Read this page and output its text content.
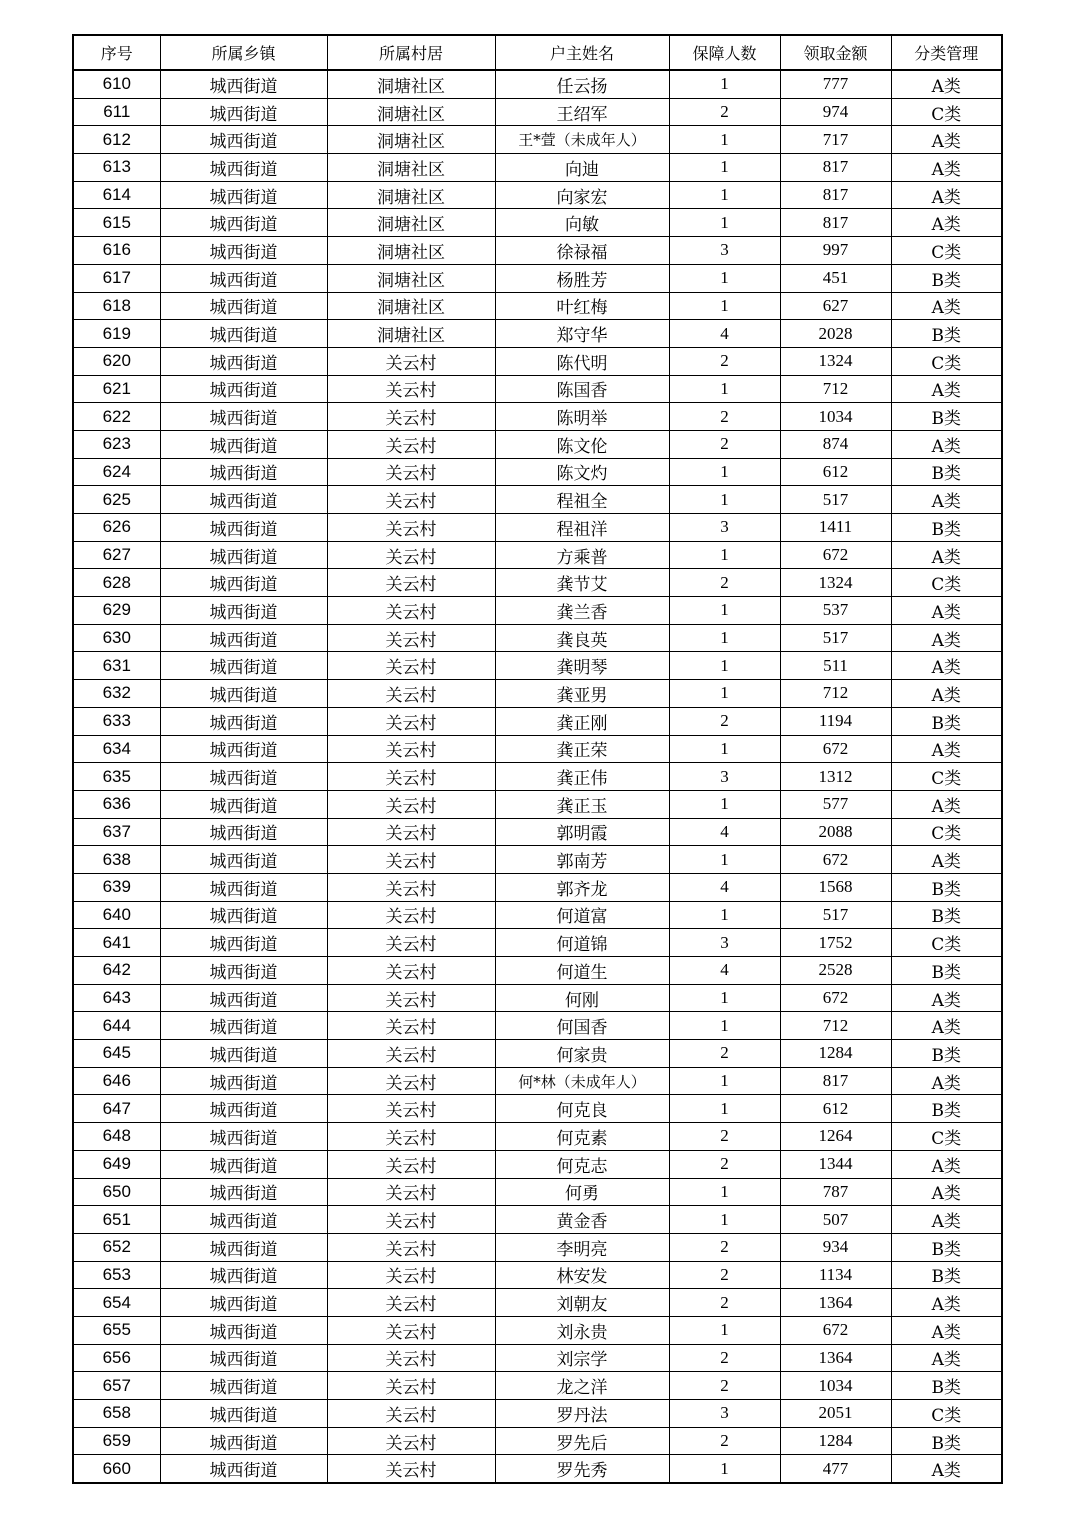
序号	所属乡镇	所属村居	户主姓名	保障人数	领取金额	分类管理
610	城西街道	洞塘社区	任云扬	1	777	A类
611	城西街道	洞塘社区	王绍军	2	974	C类
612	城西街道	洞塘社区	王*萱（未成年人）	1	717	A类
613	城西街道	洞塘社区	向迪	1	817	A类
614	城西街道	洞塘社区	向家宏	1	817	A类
615	城西街道	洞塘社区	向敏	1	817	A类
616	城西街道	洞塘社区	徐禄福	3	997	C类
617	城西街道	洞塘社区	杨胜芳	1	451	B类
618	城西街道	洞塘社区	叶红梅	1	627	A类
619	城西街道	洞塘社区	郑守华	4	2028	B类
620	城西街道	关云村	陈代明	2	1324	C类
621	城西街道	关云村	陈国香	1	712	A类
622	城西街道	关云村	陈明举	2	1034	B类
623	城西街道	关云村	陈文伦	2	874	A类
624	城西街道	关云村	陈文灼	1	612	B类
625	城西街道	关云村	程祖全	1	517	A类
626	城西街道	关云村	程祖洋	3	1411	B类
627	城西街道	关云村	方乘普	1	672	A类
628	城西街道	关云村	龚节艾	2	1324	C类
629	城西街道	关云村	龚兰香	1	537	A类
630	城西街道	关云村	龚良英	1	517	A类
631	城西街道	关云村	龚明琴	1	511	A类
632	城西街道	关云村	龚亚男	1	712	A类
633	城西街道	关云村	龚正刚	2	1194	B类
634	城西街道	关云村	龚正荣	1	672	A类
635	城西街道	关云村	龚正伟	3	1312	C类
636	城西街道	关云村	龚正玉	1	577	A类
637	城西街道	关云村	郭明霞	4	2088	C类
638	城西街道	关云村	郭南芳	1	672	A类
639	城西街道	关云村	郭齐龙	4	1568	B类
640	城西街道	关云村	何道富	1	517	B类
641	城西街道	关云村	何道锦	3	1752	C类
642	城西街道	关云村	何道生	4	2528	B类
643	城西街道	关云村	何刚	1	672	A类
644	城西街道	关云村	何国香	1	712	A类
645	城西街道	关云村	何家贵	2	1284	B类
646	城西街道	关云村	何*林（未成年人）	1	817	A类
647	城西街道	关云村	何克良	1	612	B类
648	城西街道	关云村	何克素	2	1264	C类
649	城西街道	关云村	何克志	2	1344	A类
650	城西街道	关云村	何勇	1	787	A类
651	城西街道	关云村	黄金香	1	507	A类
652	城西街道	关云村	李明亮	2	934	B类
653	城西街道	关云村	林安发	2	1134	B类
654	城西街道	关云村	刘朝友	2	1364	A类
655	城西街道	关云村	刘永贵	1	672	A类
656	城西街道	关云村	刘宗学	2	1364	A类
657	城西街道	关云村	龙之洋	2	1034	B类
658	城西街道	关云村	罗丹法	3	2051	C类
659	城西街道	关云村	罗先后	2	1284	B类
660	城西街道	关云村	罗先秀	1	477	A类
